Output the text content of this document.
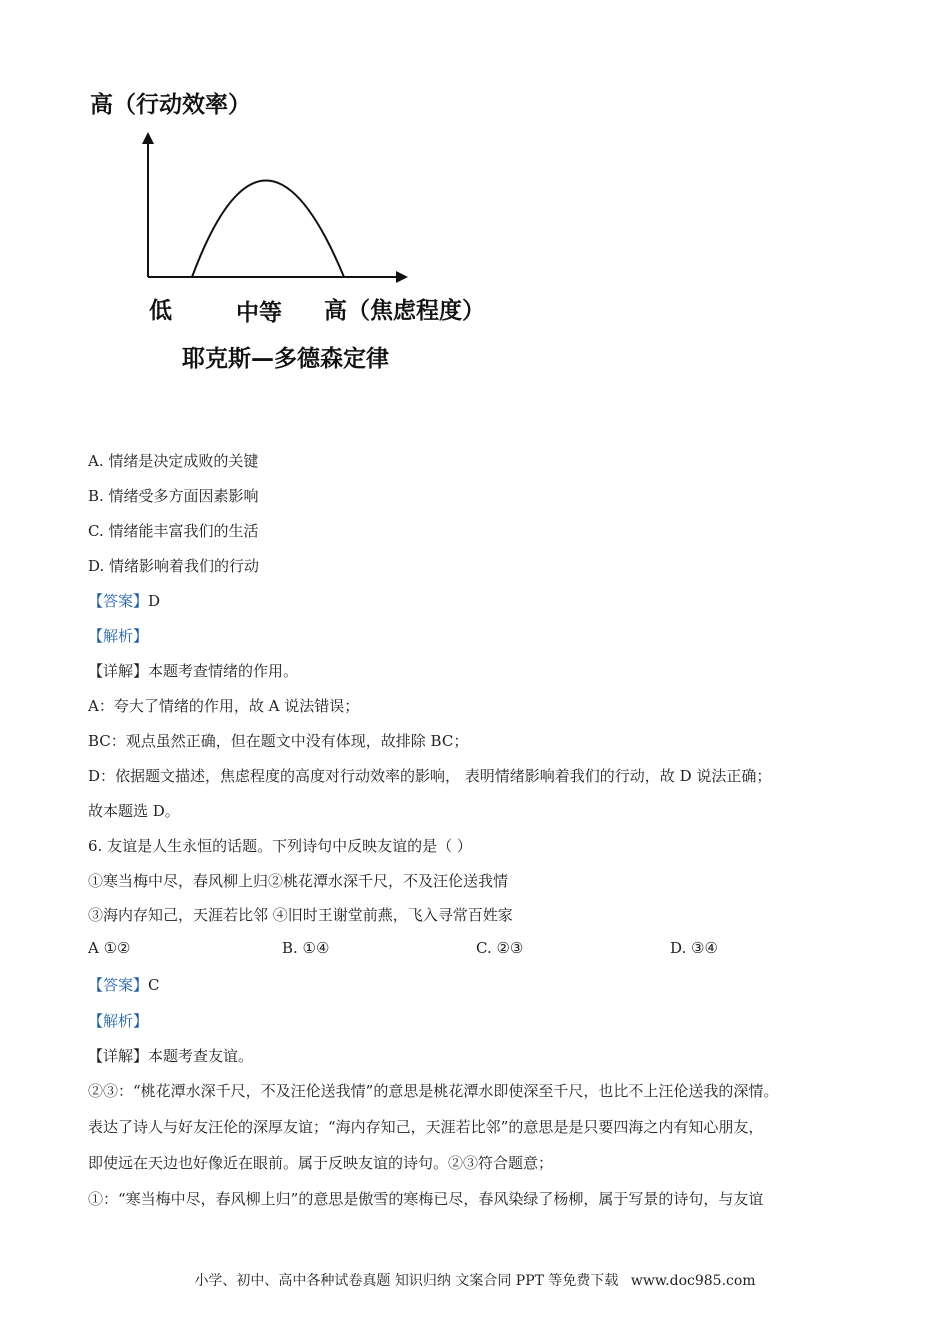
高（行动效率）
低	中等 高（焦虑程度）
耶克斯—多德森定律
A. 情绪是决定成败的关键
B. 情绪受多方面因素影响
C. 情绪能丰富我们的生活
D. 情绪影响着我们的行动
【答案】D
【解析】
【详解】本题考查情绪的作用。
A：夸大了情绪的作用，故 A 说法错误；
BC：观点虽然正确，但在题文中没有体现，故排除 BC；
D：依据题文描述，焦虑程度的高度对行动效率的影响， 表明情绪影响着我们的行动，故 D 说法正确；
故本题选 D。
6. 友谊是人生永恒的话题。下列诗句中反映友谊的是（ ）
①寒当梅中尽，春风柳上归②桃花潭水深千尺，不及汪伦送我情
③海内存知己，天涯若比邻 ④旧时王谢堂前燕，飞入寻常百姓家
A ①②	B. ①④	C. ②③	D. ③④
【答案】C
【解析】
【详解】本题考查友谊。
②③：“桃花潭水深千尺，不及汪伦送我情”的意思是桃花潭水即使深至千尺，也比不上汪伦送我的深情。
表达了诗人与好友汪伦的深厚友谊；“海内存知己，天涯若比邻”的意思是是只要四海之内有知心朋友，
即使远在天边也好像近在眼前。属于反映友谊的诗句。②③符合题意；
①：“寒当梅中尽，春风柳上归”的意思是傲雪的寒梅已尽，春风染绿了杨柳，属于写景的诗句，与友谊
小学、初中、高中各种试卷真题 知识归纳 文案合同 PPT 等免费下载 www.doc985.com
